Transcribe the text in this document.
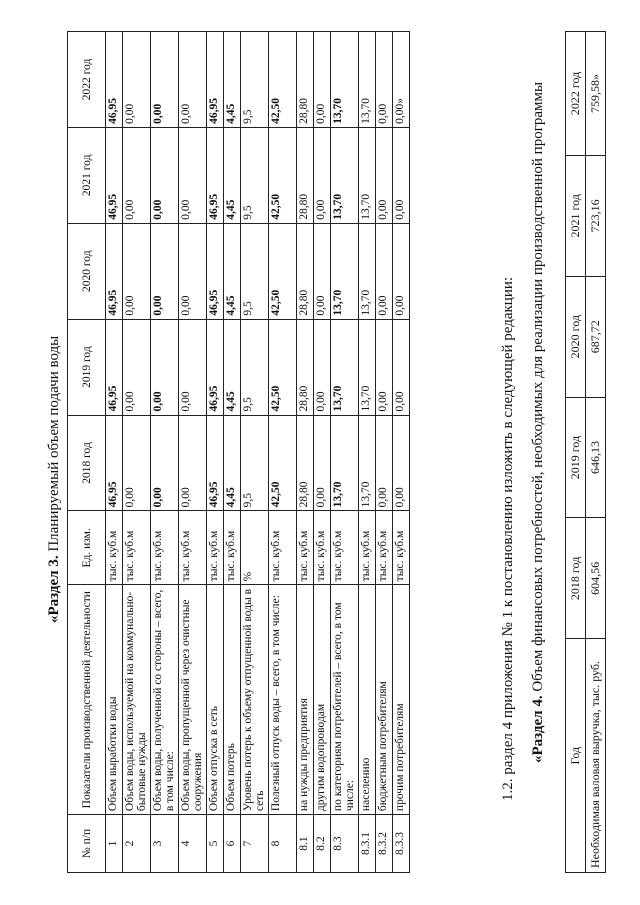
«Раздел 3. Планируемый объем подачи воды
№ п/п	Показатели производственной деятельности	Ед. изм.	2018 год	2019 год	2020 год	2021 год	2022 год
1	Объем выработки воды	тыс. куб.м	46,95	46,95	46,95	46,95	46,95
2	Объем воды, используемой на коммунально-бытовые нужды	тыс. куб.м	0,00	0,00	0,00	0,00	0,00
3	Объем воды, полученной со стороны – всего, в том числе:	тыс. куб.м	0,00	0,00	0,00	0,00	0,00
4	Объем воды, пропущенной через очистные сооружения	тыс. куб.м	0,00	0,00	0,00	0,00	0,00
5	Объем отпуска в сеть	тыс. куб.м	46,95	46,95	46,95	46,95	46,95
6	Объем потерь	тыс. куб.м	4,45	4,45	4,45	4,45	4,45
7	Уровень потерь к объему отпущенной воды в сеть	%	9,5	9,5	9,5	9,5	9,5
8	Полезный отпуск воды – всего, в том числе:	тыс. куб.м	42,50	42,50	42,50	42,50	42,50
8.1	на нужды предприятия	тыс. куб.м	28,80	28,80	28,80	28,80	28,80
8.2	другим водопроводам	тыс. куб.м	0,00	0,00	0,00	0,00	0,00
8.3	по категориям потребителей – всего, в том числе:	тыс. куб.м	13,70	13,70	13,70	13,70	13,70
8.3.1	населению	тыс. куб.м	13,70	13,70	13,70	13,70	13,70
8.3.2	бюджетным потребителям	тыс. куб.м	0,00	0,00	0,00	0,00	0,00
8.3.3	прочим потребителям	тыс. куб.м	0,00	0,00	0,00	0,00	0,00»
1.2. раздел 4 приложения № 1 к постановлению изложить в следующей редакции: «Раздел 4. Объем финансовых потребностей, необходимых для реализации производственной программы
Год	2018 год	2019 год	2020 год	2021 год	2022 год
Необходимая валовая выручка, тыс. руб.	604,56	646,13	687,72	723,16	759,58»
